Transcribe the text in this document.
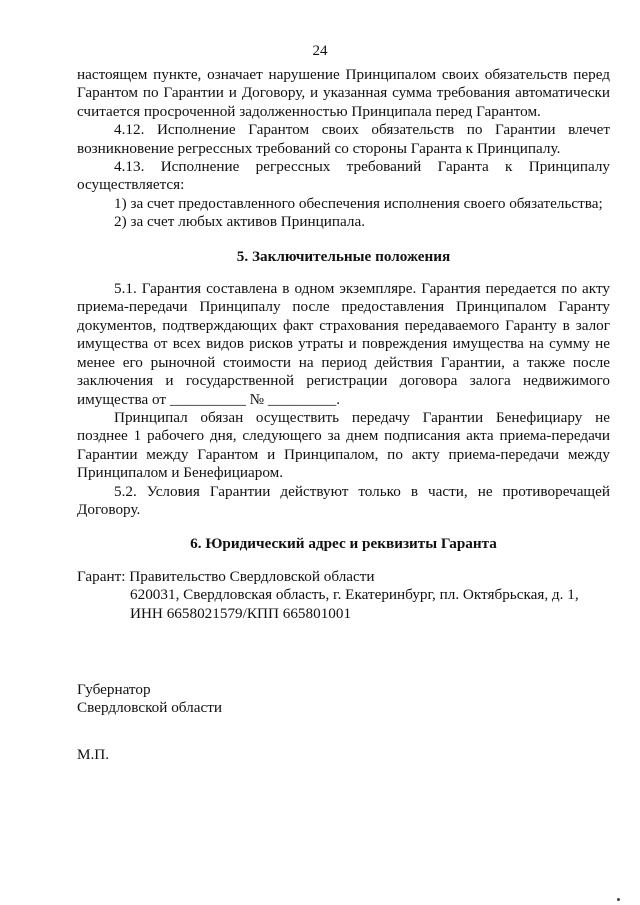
24

настоящем пункте, означает нарушение Принципалом своих обязательств перед Гарантом по Гарантии и Договору, и указанная сумма требования автоматически считается просроченной задолженностью Принципала перед Гарантом.

4.12. Исполнение Гарантом своих обязательств по Гарантии влечет возникновение регрессных требований со стороны Гаранта к Принципалу.

4.13. Исполнение регрессных требований Гаранта к Принципалу осуществляется:

1) за счет предоставленного обеспечения исполнения своего обязательства;

2) за счет любых активов Принципала.

5. Заключительные положения

5.1. Гарантия составлена в одном экземпляре. Гарантия передается по акту приема-передачи Принципалу после предоставления Принципалом Гаранту документов, подтверждающих факт страхования передаваемого Гаранту в залог имущества от всех видов рисков утраты и повреждения имущества на сумму не менее его рыночной стоимости на период действия Гарантии, а также после заключения и государственной регистрации договора залога недвижимого имущества от __________ № _________.

Принципал обязан осуществить передачу Гарантии Бенефициару не позднее 1 рабочего дня, следующего за днем подписания акта приема-передачи Гарантии между Гарантом и Принципалом, по акту приема-передачи между Принципалом и Бенефициаром.

5.2. Условия Гарантии действуют только в части, не противоречащей Договору.

6. Юридический адрес и реквизиты Гаранта

Гарант: Правительство Свердловской области

620031, Свердловская область, г. Екатеринбург, пл. Октябрьская, д. 1,

ИНН 6658021579/КПП 665801001

Губернатор

Свердловской области

М.П.
